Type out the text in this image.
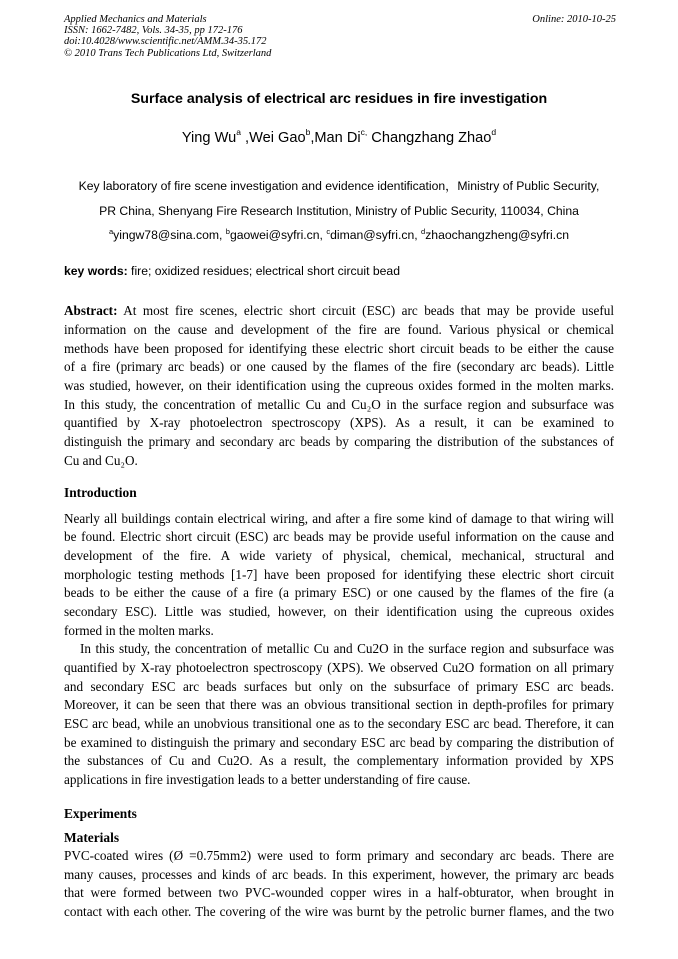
Applied Mechanics and Materials
ISSN: 1662-7482, Vols. 34-35, pp 172-176
doi:10.4028/www.scientific.net/AMM.34-35.172
© 2010 Trans Tech Publications Ltd, Switzerland
Online: 2010-10-25
Surface analysis of electrical arc residues in fire investigation
Ying Wu$^a$ ,Wei Gao$^b$,Man $Di^{c,}$ Changzhang Zhao$^d$
Key laboratory of fire scene investigation and evidence identification，Ministry of Public Security,
PR China, Shenyang Fire Research Institution, Ministry of Public Security, 110034, China
$^a$yingw78@sina.com, $^b$gaowei@syfri.cn, $^c$diman@syfri.cn, $^d$zhaochangzheng@syfri.cn
key words: fire; oxidized residues; electrical short circuit bead
Abstract: At most fire scenes, electric short circuit (ESC) arc beads that may be provide useful
information on the cause and development of the fire are found. Various physical or chemical
methods have been proposed for identifying these electric short circuit beads to be either the cause
of a fire (primary arc beads) or one caused by the flames of the fire (secondary arc beads). Little
was studied, however, on their identification using the cupreous oxides formed in the molten marks.
In this study, the concentration of metallic Cu and Cu₂O in the surface region and subsurface was
quantified by X-ray photoelectron spectroscopy (XPS). As a result, it can be examined to
distinguish the primary and secondary arc beads by comparing the distribution of the substances of
Cu and Cu₂O.
Introduction
Nearly all buildings contain electrical wiring, and after a fire some kind of damage to that wiring will
be found. Electric short circuit (ESC) arc beads may be provide useful information on the cause and
development of the fire. A wide variety of physical, chemical, mechanical, structural and
morphologic testing methods [1-7] have been proposed for identifying these electric short circuit
beads to be either the cause of a fire (a primary ESC) or one caused by the flames of the fire (a
secondary ESC). Little was studied, however, on their identification using the cupreous oxides
formed in the molten marks.
In this study, the concentration of metallic Cu and Cu2O in the surface region and subsurface was
quantified by X-ray photoelectron spectroscopy (XPS). We observed Cu2O formation on all primary
and secondary ESC arc beads surfaces but only on the subsurface of primary ESC arc beads.
Moreover, it can be seen that there was an obvious transitional section in depth-profiles for primary
ESC arc bead, while an unobvious transitional one as to the secondary ESC arc bead. Therefore, it can
be examined to distinguish the primary and secondary ESC arc bead by comparing the distribution of
the substances of Cu and Cu2O. As a result, the complementary information provided by XPS
applications in fire investigation leads to a better understanding of fire cause.
Experiments
Materials
PVC-coated wires (Ø =0.75mm2) were used to form primary and secondary arc beads. There are
many causes, processes and kinds of arc beads. In this experiment, however, the primary arc beads
that were formed between two PVC-wounded copper wires in a half-obturator, when brought in
contact with each other. The covering of the wire was burnt by the petrolic burner flames, and the two
